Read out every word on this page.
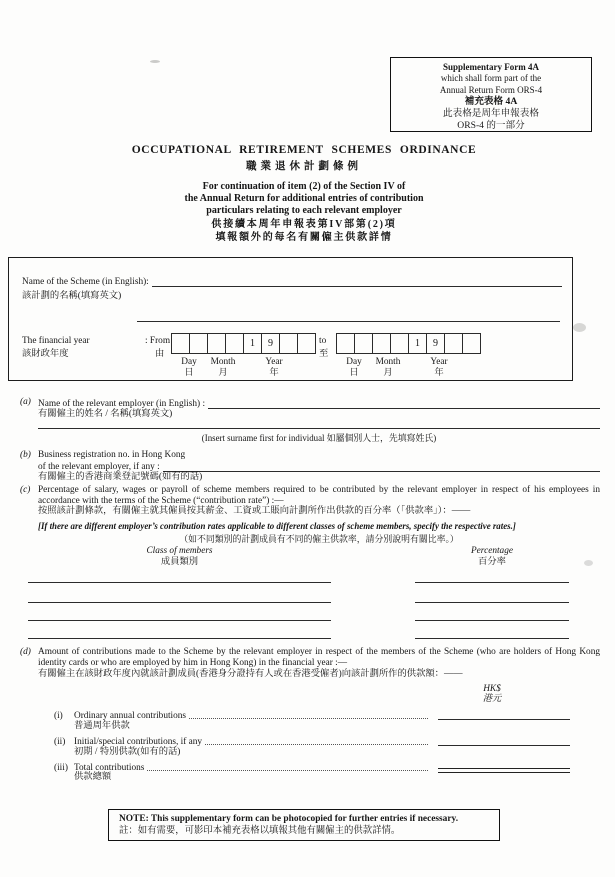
Supplementary Form 4A
which shall form part of the
Annual Return Form ORS-4
補充表格 4A
此表格是周年申報表格
ORS-4 的一部分
OCCUPATIONAL RETIREMENT SCHEMES ORDINANCE
職業退休計劃條例
For continuation of item (2) of the Section IV of
the Annual Return for additional entries of contribution
particulars relating to each relevant employer
供接續本周年申報表第IV部第(2)項
填報額外的每名有關僱主供款詳情
Name of the Scheme (in English):
該計劃的名稱(填寫英文)
The financial year
該財政年度
: From
由
1	9
Day	Month	Year
日	月	年
to
至
1	9
Day	Month	Year
日	月	年
(a) Name of the relevant employer (in English) :
有關僱主的姓名 / 名稱(填寫英文)
(Insert surname first for individual 如屬個別人士，先填寫姓氏)
(b) Business registration no. in Hong Kong
of the relevant employer, if any :
有關僱主的香港商業登記號碼(如有的話)
(c) Percentage of salary, wages or payroll of scheme members required to be contributed by the relevant employer in respect of his employees in accordance with the terms of the Scheme (“contribution rate”) :—
按照該計劃條款，有關僱主就其僱員按其薪金、工資或工賬向計劃所作出供款的百分率（「供款率」）：——
[If there are different employer’s contribution rates applicable to different classes of scheme members, specify the respective rates.]
（如不同類別的計劃成員有不同的僱主供款率，請分別說明有關比率。）
Class of members
成員類別
Percentage
百分率
(d) Amount of contributions made to the Scheme by the relevant employer in respect of the members of the Scheme (who are holders of Hong Kong identity cards or who are employed by him in Hong Kong) in the financial year :—
有關僱主在該財政年度內就該計劃成員(香港身分證持有人或在香港受僱者)向該計劃所作的供款額：——
HK$
港元
(i)	Ordinary annual contributions
普通周年供款
(ii) Initial/special contributions, if any
初期 / 特別供款(如有的話)
(iii) Total contributions
供款總額
NOTE: This supplementary form can be photocopied for further entries if necessary.
註：如有需要，可影印本補充表格以填報其他有關僱主的供款詳情。
